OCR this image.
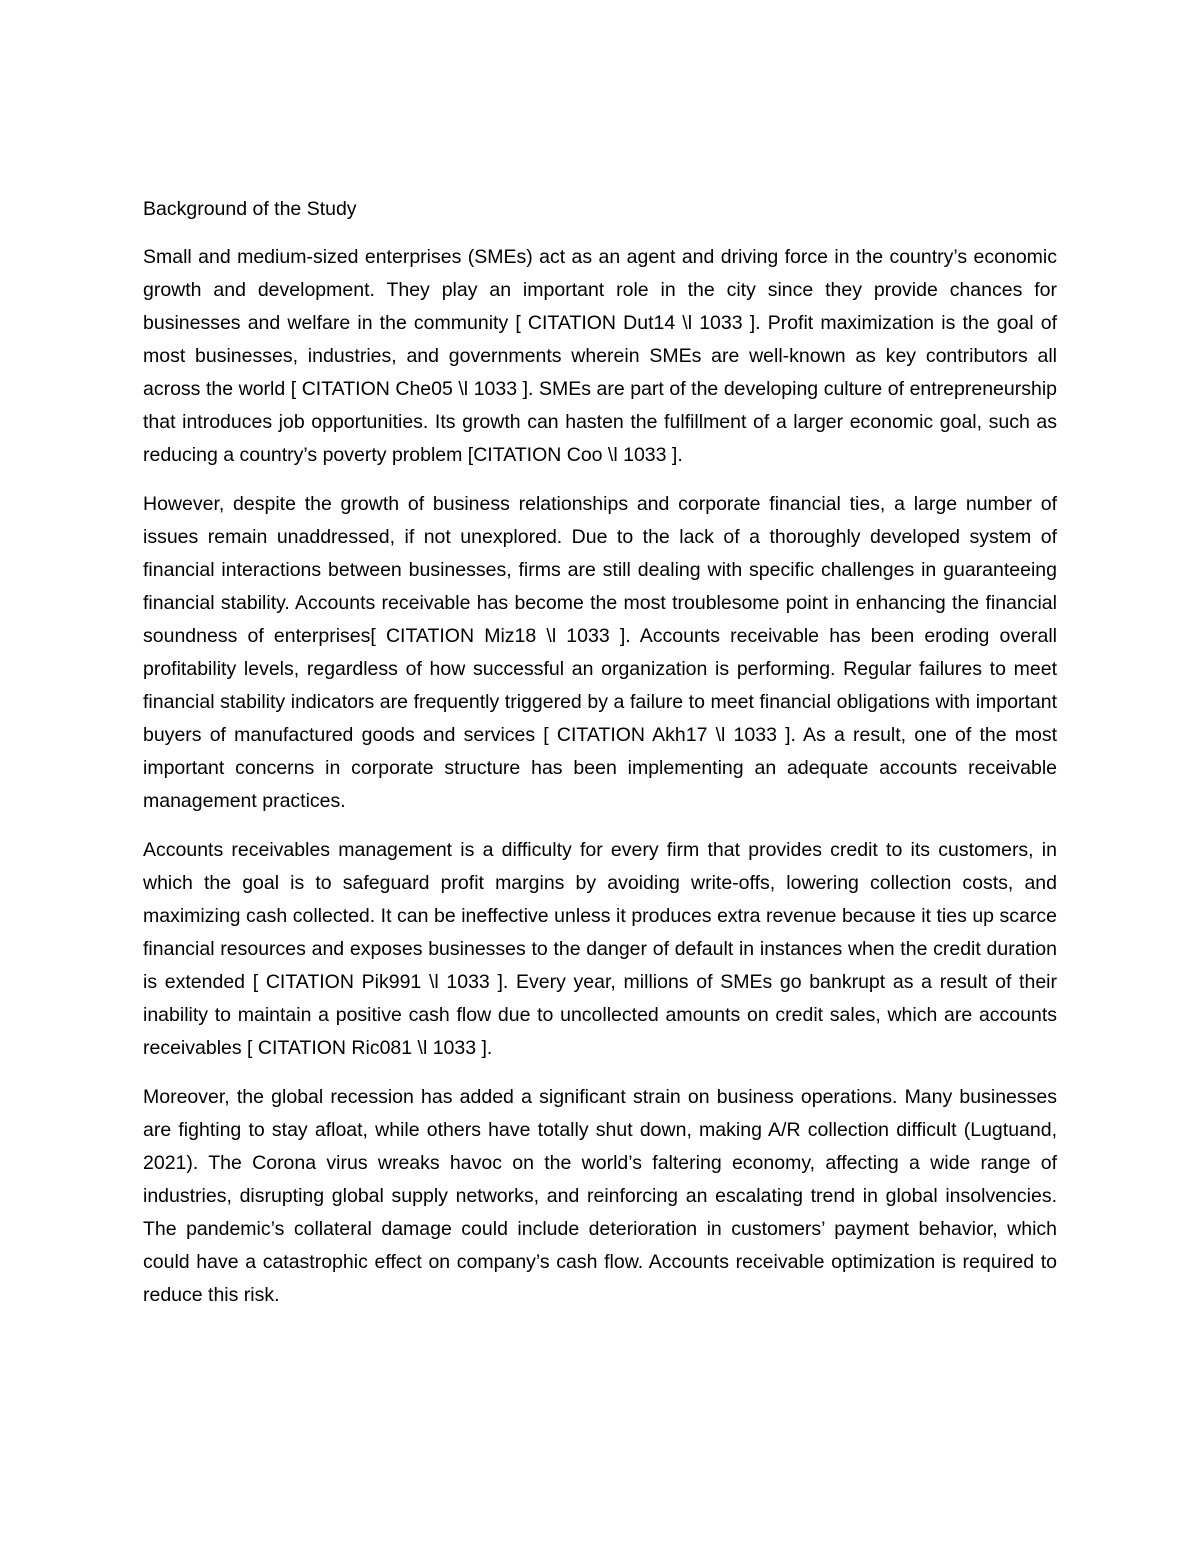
Background of the Study

Small and medium-sized enterprises (SMEs) act as an agent and driving force in the country’s economic growth and development. They play an important role in the city since they provide chances for businesses and welfare in the community [ CITATION Dut14 \l 1033 ]. Profit maximization is the goal of most businesses, industries, and governments wherein SMEs are well-known as key contributors all across the world [ CITATION Che05 \l 1033 ]. SMEs are part of the developing culture of entrepreneurship that introduces job opportunities. Its growth can hasten the fulfillment of a larger economic goal, such as reducing a country’s poverty problem [CITATION Coo \l 1033 ].

However, despite the growth of business relationships and corporate financial ties, a large number of issues remain unaddressed, if not unexplored. Due to the lack of a thoroughly developed system of financial interactions between businesses, firms are still dealing with specific challenges in guaranteeing financial stability. Accounts receivable has become the most troublesome point in enhancing the financial soundness of enterprises[ CITATION Miz18 \l 1033 ]. Accounts receivable has been eroding overall profitability levels, regardless of how successful an organization is performing. Regular failures to meet financial stability indicators are frequently triggered by a failure to meet financial obligations with important buyers of manufactured goods and services [ CITATION Akh17 \l 1033 ]. As a result, one of the most important concerns in corporate structure has been implementing an adequate accounts receivable management practices.

Accounts receivables management is a difficulty for every firm that provides credit to its customers, in which the goal is to safeguard profit margins by avoiding write-offs, lowering collection costs, and maximizing cash collected. It can be ineffective unless it produces extra revenue because it ties up scarce financial resources and exposes businesses to the danger of default in instances when the credit duration is extended [ CITATION Pik991 \l 1033 ]. Every year, millions of SMEs go bankrupt as a result of their inability to maintain a positive cash flow due to uncollected amounts on credit sales, which are accounts receivables [ CITATION Ric081 \l 1033 ].

Moreover, the global recession has added a significant strain on business operations. Many businesses are fighting to stay afloat, while others have totally shut down, making A/R collection difficult (Lugtuand, 2021). The Corona virus wreaks havoc on the world’s faltering economy, affecting a wide range of industries, disrupting global supply networks, and reinforcing an escalating trend in global insolvencies. The pandemic’s collateral damage could include deterioration in customers’ payment behavior, which could have a catastrophic effect on company’s cash flow. Accounts receivable optimization is required to reduce this risk.
